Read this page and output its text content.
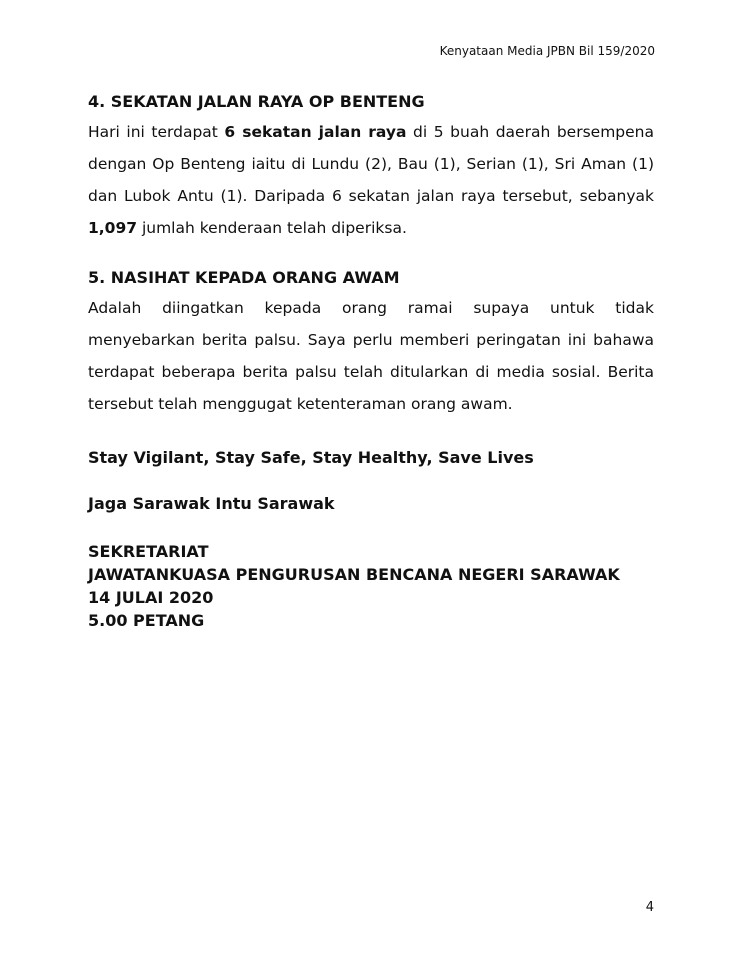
Kenyataan Media JPBN Bil 159/2020
4. SEKATAN JALAN RAYA OP BENTENG

Hari ini terdapat 6 sekatan jalan raya di 5 buah daerah bersempena dengan Op Benteng iaitu di Lundu (2), Bau (1), Serian (1), Sri Aman (1) dan Lubok Antu (1). Daripada 6 sekatan jalan raya tersebut, sebanyak 1,097 jumlah kenderaan telah diperiksa.

5. NASIHAT KEPADA ORANG AWAM

Adalah diingatkan kepada orang ramai supaya untuk tidak menyebarkan berita palsu. Saya perlu memberi peringatan ini bahawa terdapat beberapa berita palsu telah ditularkan di media sosial. Berita tersebut telah menggugat ketenteraman orang awam.

Stay Vigilant, Stay Safe, Stay Healthy, Save Lives

Jaga Sarawak Intu Sarawak

SEKRETARIAT
JAWATANKUASA PENGURUSAN BENCANA NEGERI SARAWAK
14 JULAI 2020
5.00 PETANG
4
